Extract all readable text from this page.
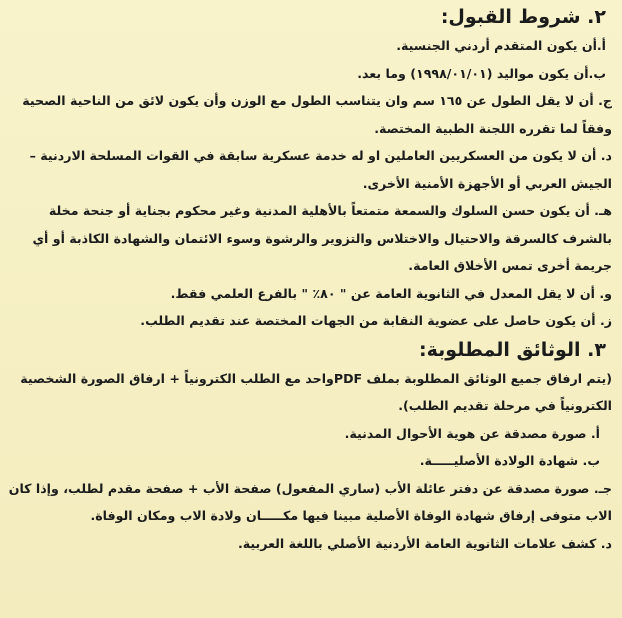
٢. شروط القبول:
أ.أن يكون المتقدم أردني الجنسية.
ب.أن يكون مواليد (١٩٩٨/٠١/٠١) وما بعد.
ج. أن لا يقل الطول عن ١٦٥ سم وان يتناسب الطول مع الوزن وأن يكون لائق من الناحية الصحية
وفقاً لما تقرره اللجنة الطبية المختصة.
د. أن لا يكون من العسكريين العاملين او له خدمة عسكرية سابقة في القوات المسلحة الاردنية –
الجيش العربي أو الأجهزة الأمنية الأخرى.
هـ. أن يكون حسن السلوك والسمعة متمتعاً بالأهلية المدنية وغير محكوم بجناية أو جنحة مخلة
بالشرف كالسرقة والاحتيال والاختلاس والتزوير والرشوة وسوء الائتمان والشهادة الكاذبة أو أي
جريمة أخرى تمس الأخلاق العامة.
و. أن لا يقل المعدل في الثانوية العامة عن " ٨٠٪ " بالفرع العلمي فقط.
ز. أن يكون حاصل على عضوية النقابة من الجهات المختصة عند تقديم الطلب.
٣. الوثائق المطلوبة:
(يتم ارفاق جميع الوثائق المطلوبة بملف PDFواحد مع الطلب الكترونياً + ارفاق الصورة الشخصية
الكترونياً في مرحلة تقديم الطلب).
أ. صورة مصدقة عن هوية الأحوال المدنية.
ب. شهادة الولادة الأصليـــــة.
جـ. صورة مصدقة عن دفتر عائلة الأب (ساري المفعول) صفحة الأب + صفحة مقدم لطلب، وإذا كان
الاب متوفى إرفاق شهادة الوفاة الأصلية مبينا فيها مكـــــان ولادة الاب ومكان الوفاة.
د. كشف علامات الثانوية العامة الأردنية الأصلي باللغة العربية.
